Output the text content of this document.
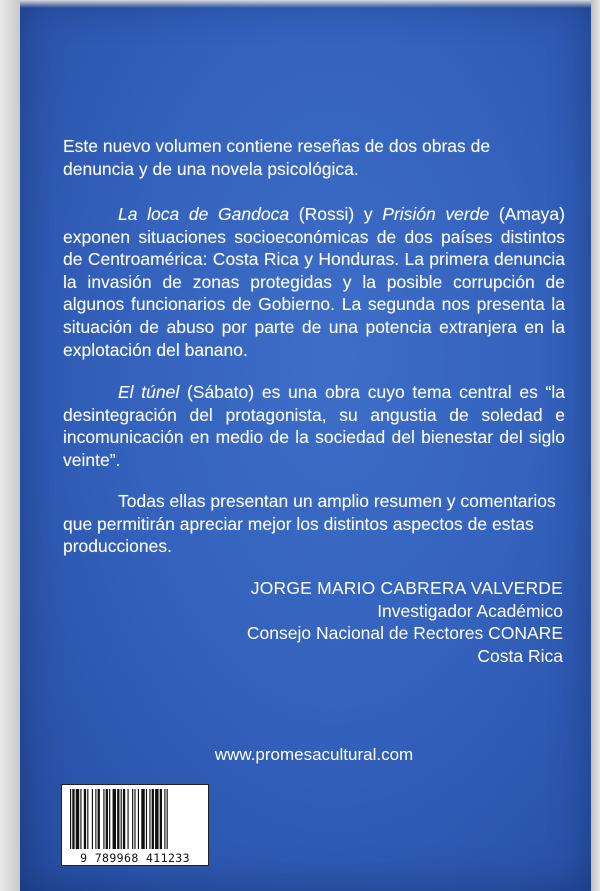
Este nuevo volumen contiene reseñas de dos obras de denuncia y de una novela psicológica.

La loca de Gandoca (Rossi) y Prisión verde (Amaya) exponen situaciones socioeconómicas de dos países distintos de Centroamérica: Costa Rica y Honduras. La primera denuncia la invasión de zonas protegidas y la posible corrupción de algunos funcionarios de Gobierno. La segunda nos presenta la situación de abuso por parte de una potencia extranjera en la explotación del banano.

El túnel (Sábato) es una obra cuyo tema central es “la desintegración del protagonista, su angustia de soledad e incomunicación en medio de la sociedad del bienestar del siglo veinte”.

Todas ellas presentan un amplio resumen y comentarios que permitirán apreciar mejor los distintos aspectos de estas producciones.

JORGE MARIO CABRERA VALVERDE
Investigador Académico
Consejo Nacional de Rectores CONARE
Costa Rica
www.promesacultural.com
9 789968 411233
